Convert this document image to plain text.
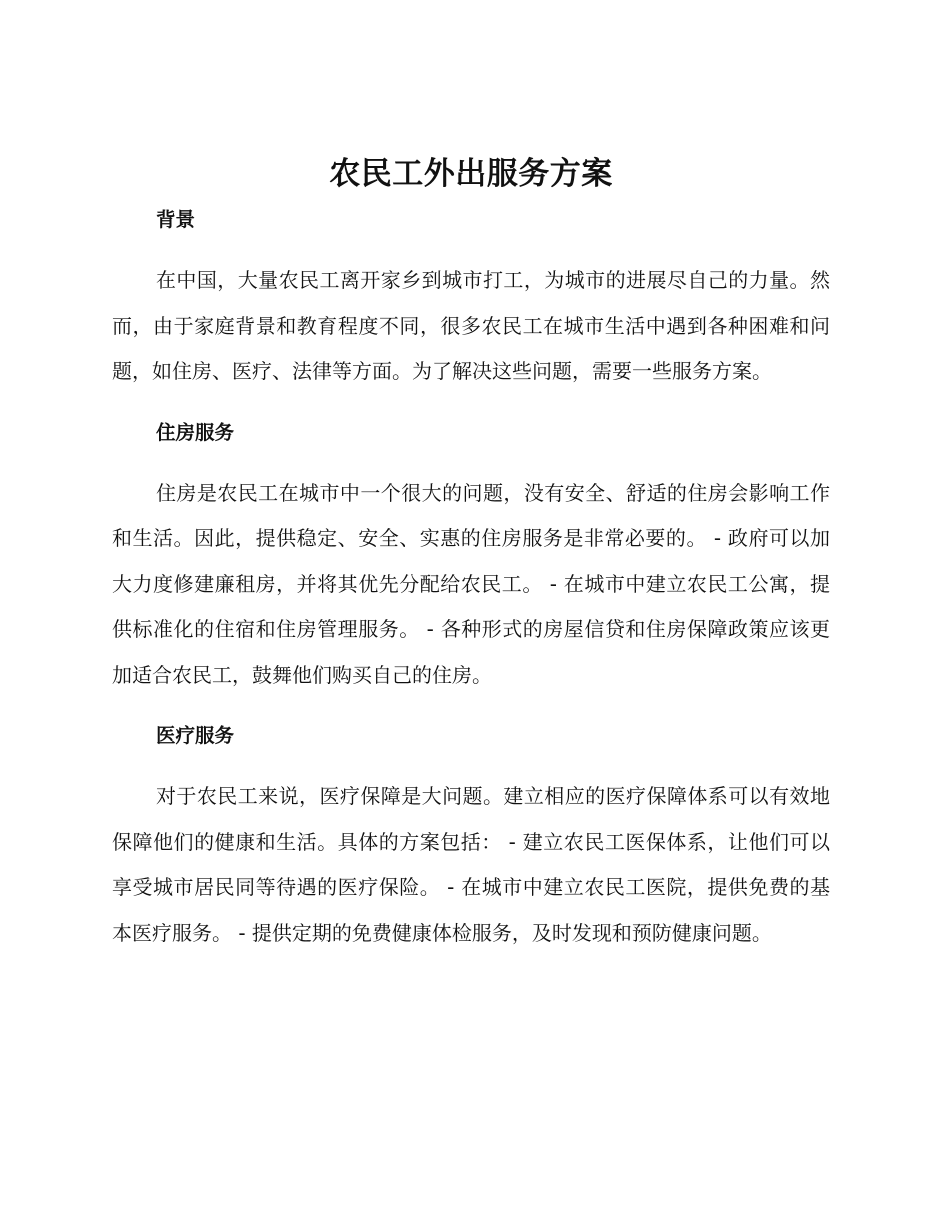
农民工外出服务方案
背景

在中国，大量农民工离开家乡到城市打工，为城市的进展尽自己的力量。然而，由于家庭背景和教育程度不同，很多农民工在城市生活中遇到各种困难和问题，如住房、医疗、法律等方面。为了解决这些问题，需要一些服务方案。

住房服务

住房是农民工在城市中一个很大的问题，没有安全、舒适的住房会影响工作和生活。因此，提供稳定、安全、实惠的住房服务是非常必要的。 - 政府可以加大力度修建廉租房，并将其优先分配给农民工。 - 在城市中建立农民工公寓，提供标准化的住宿和住房管理服务。 - 各种形式的房屋信贷和住房保障政策应该更加适合农民工，鼓舞他们购买自己的住房。

医疗服务

对于农民工来说，医疗保障是大问题。建立相应的医疗保障体系可以有效地保障他们的健康和生活。具体的方案包括： - 建立农民工医保体系，让他们可以享受城市居民同等待遇的医疗保险。 - 在城市中建立农民工医院，提供免费的基本医疗服务。 - 提供定期的免费健康体检服务，及时发现和预防健康问题。
